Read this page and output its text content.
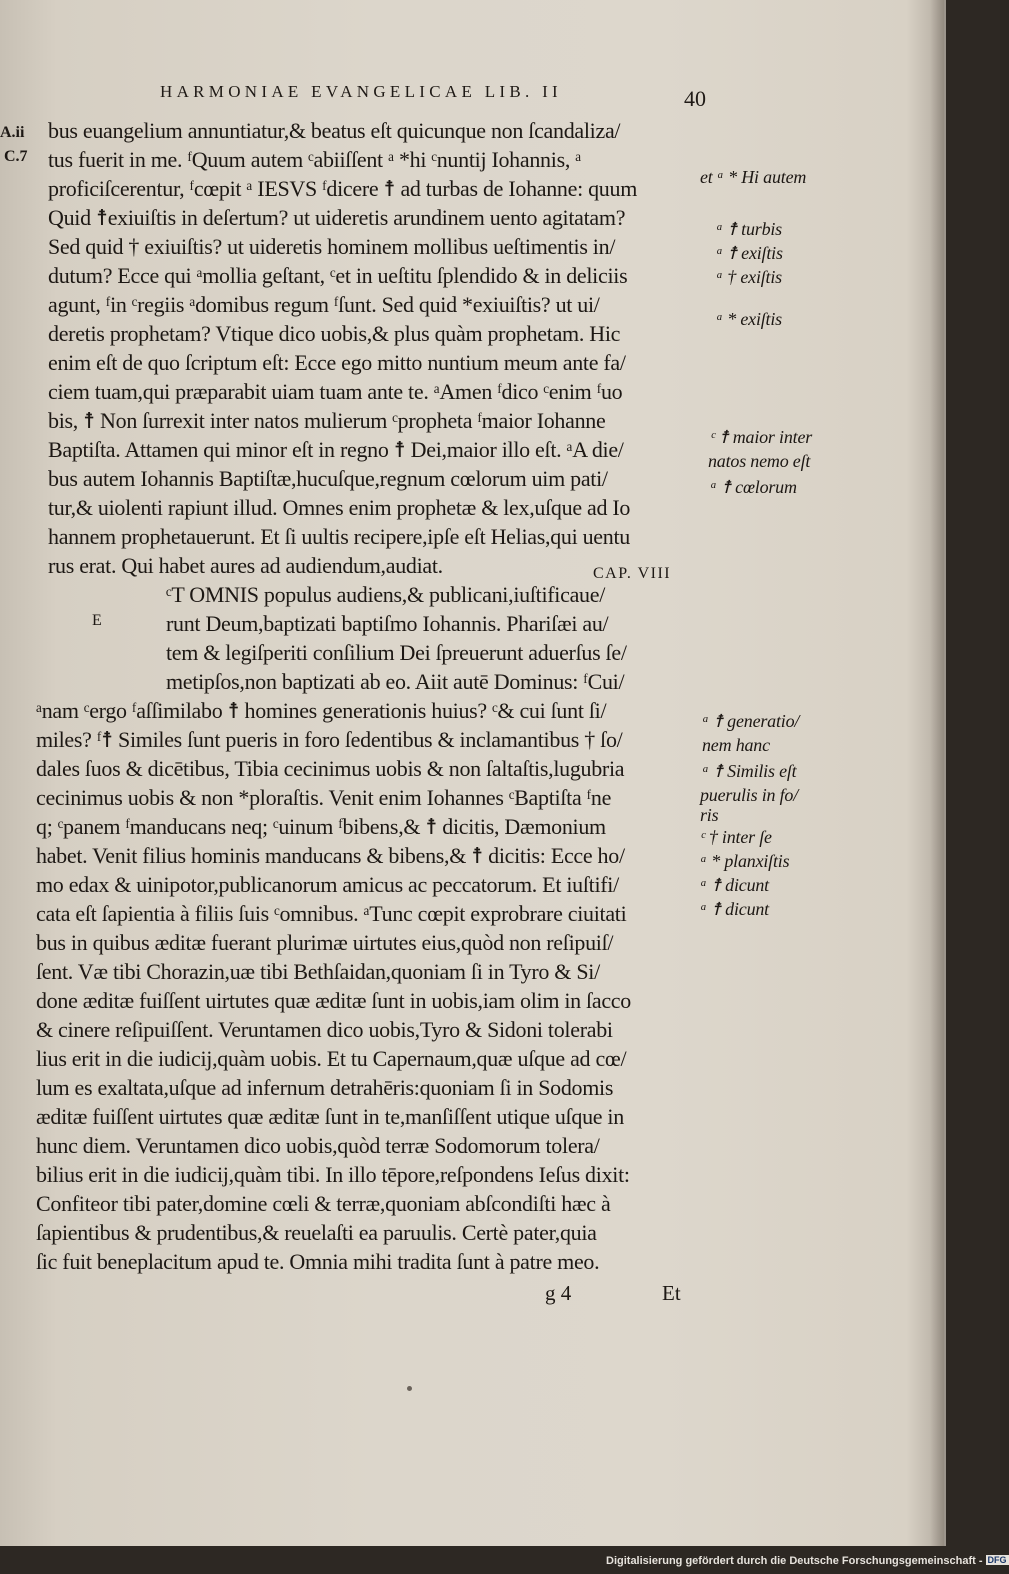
HARMONIAE EVANGELICAE LIB. II	40
A.ii
C.7
E
bus euangelium annuntiatur,& beatus eſt quicunque non ſcandaliza/
tus fuerit in me. ᶠQuum autem ᶜabiiſſent ᵃ *hi ᶜnuntij Iohannis, ᵃ
proficiſcerentur, ᶠcœpit ᵃ IESVS ᶠdicere ☨ ad turbas de Iohanne: quum
Quid ☨exiuiſtis in deſertum? ut uideretis arundinem uento agitatam?
Sed quid † exiuiſtis? ut uideretis hominem mollibus ueſtimentis in/
dutum? Ecce qui ᵃmollia geſtant, ᶜet in ueſtitu ſplendido & in deliciis
agunt, ᶠin ᶜregiis ᵃdomibus regum ᶠſunt. Sed quid *exiuiſtis? ut ui/
deretis prophetam? Vtique dico uobis,& plus quàm prophetam. Hic
enim eſt de quo ſcriptum eſt: Ecce ego mitto nuntium meum ante fa/
ciem tuam,qui præparabit uiam tuam ante te. ᵃAmen ᶠdico ᶜenim ᶠuo
bis, ☨ Non ſurrexit inter natos mulierum ᶜpropheta ᶠmaior Iohanne
Baptiſta. Attamen qui minor eſt in regno ☨ Dei,maior illo eſt. ᵃA die/
bus autem Iohannis Baptiſtæ,hucuſque,regnum cœlorum uim pati/
tur,& uiolenti rapiunt illud. Omnes enim prophetæ & lex,uſque ad Io
hannem prophetauerunt. Et ſi uultis recipere,ipſe eſt Helias,qui uentu
rus erat. Qui habet aures ad audiendum,audiat.	CAP. VIII
ᶜT OMNIS populus audiens,& publicani,iuſtificaue/
runt Deum,baptizati baptiſmo Iohannis. Phariſæi au/
tem & legiſperiti conſilium Dei ſpreuerunt aduerſus ſe/
metipſos,non baptizati ab eo. Aiit autē Dominus: ᶠCui/
ᵃnam ᶜergo ᶠaſſimilabo ☨ homines generationis huius? ᶜ& cui ſunt ſi/
miles? ᶠ☨ Similes ſunt pueris in foro ſedentibus & inclamantibus † ſo/
dales ſuos & dicētibus, Tibia cecinimus uobis & non ſaltaſtis,lugubria
cecinimus uobis & non *ploraſtis. Venit enim Iohannes ᶜBaptiſta ᶠne
q; ᶜpanem ᶠmanducans neq; ᶜuinum ᶠbibens,& ☨ dicitis, Dæmonium
habet. Venit filius hominis manducans & bibens,& ☨ dicitis: Ecce ho/
mo edax & uinipotor,publicanorum amicus ac peccatorum. Et iuſtifi/
cata eſt ſapientia à filiis ſuis ᶜomnibus. ᵃTunc cœpit exprobrare ciuitati
bus in quibus æditæ fuerant plurimæ uirtutes eius,quòd non reſipuiſ/
ſent. Væ tibi Chorazin,uæ tibi Bethſaidan,quoniam ſi in Tyro & Si/
done æditæ fuiſſent uirtutes quæ æditæ ſunt in uobis,iam olim in ſacco
& cinere reſipuiſſent. Veruntamen dico uobis,Tyro & Sidoni tolerabi
lius erit in die iudicij,quàm uobis. Et tu Capernaum,quæ uſque ad cœ/
lum es exaltata,uſque ad infernum detrahēris:quoniam ſi in Sodomis
æditæ fuiſſent uirtutes quæ æditæ ſunt in te,manſiſſent utique uſque in
hunc diem. Veruntamen dico uobis,quòd terræ Sodomorum tolera/
bilius erit in die iudicij,quàm tibi. In illo tēpore,reſpondens Ieſus dixit:
Confiteor tibi pater,domine cœli & terræ,quoniam abſcondiſti hæc à
ſapientibus & prudentibus,& reuelaſti ea paruulis. Certè pater,quia
ſic fuit beneplacitum apud te. Omnia mihi tradita ſunt à patre meo.
et ᵃ * Hi autem
ᵃ ☨ turbis
ᵃ ☨ exiſtis
ᵃ † exiſtis
ᵃ * exiſtis
ᶜ ☨ maior inter
natos nemo eſt
ᵃ ☨ cœlorum
ᵃ ☨ generatio/
nem hanc
ᵃ ☨ Similis eſt
puerulis in fo/
ris
ᶜ † inter ſe
ᵃ * planxiſtis
ᵃ ☨ dicunt
ᵃ ☨ dicunt
g 4	Et
Digitalisierung gefördert durch die Deutsche Forschungsgemeinschaft - DFG
